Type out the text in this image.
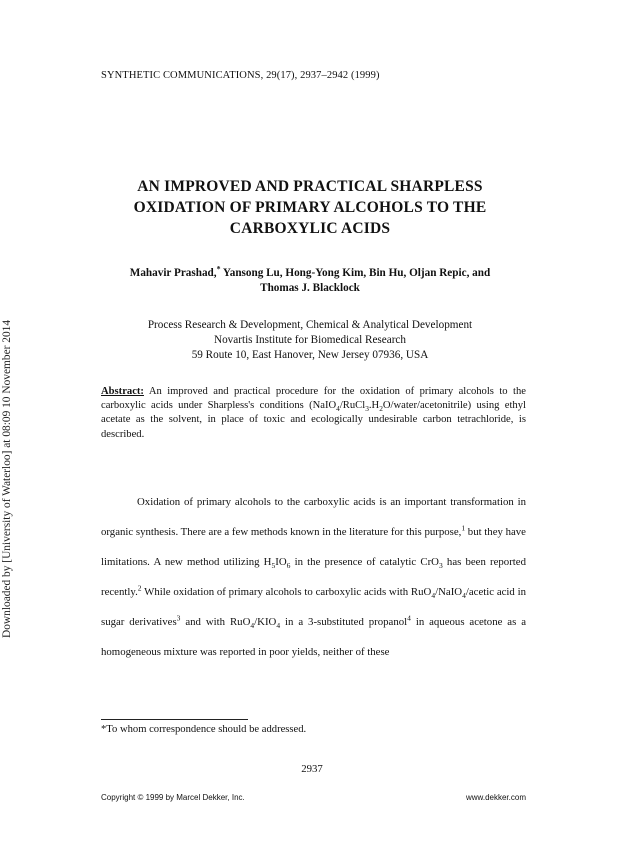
SYNTHETIC COMMUNICATIONS, 29(17), 2937–2942 (1999)
AN IMPROVED AND PRACTICAL SHARPLESS
OXIDATION OF PRIMARY ALCOHOLS TO THE
CARBOXYLIC ACIDS
Mahavir Prashad,* Yansong Lu, Hong-Yong Kim, Bin Hu, Oljan Repic, and
Thomas J. Blacklock
Process Research & Development, Chemical & Analytical Development
Novartis Institute for Biomedical Research
59 Route 10, East Hanover, New Jersey 07936, USA
Abstract: An improved and practical procedure for the oxidation of primary alcohols to the carboxylic acids under Sharpless's conditions $(NaIO_4/RuCl_3.H_2O/water/acetonitrile)$ using ethyl acetate as the solvent, in place of toxic and ecologically undesirable carbon tetrachloride, is described.
Oxidation of primary alcohols to the carboxylic acids is an important transformation in organic synthesis. There are a few methods known in the literature for this purpose,$^1$ but they have limitations. A new method utilizing $H_5IO_6$ in the presence of catalytic CrO$_3$ has been reported recently.$^2$ While oxidation of primary alcohols to carboxylic acids with RuO$_4$/NaIO$_4$/acetic acid in sugar derivatives$^3$ and with $RuO_4/KIO_4$ in a 3-substituted propanol$^4$ in aqueous acetone as a homogeneous mixture was reported in poor yields, neither of these
*To whom correspondence should be addressed.
2937
Copyright © 1999 by Marcel Dekker, Inc.	www.dekker.com
Downloaded by [University of Waterloo] at 08:09 10 November 2014
